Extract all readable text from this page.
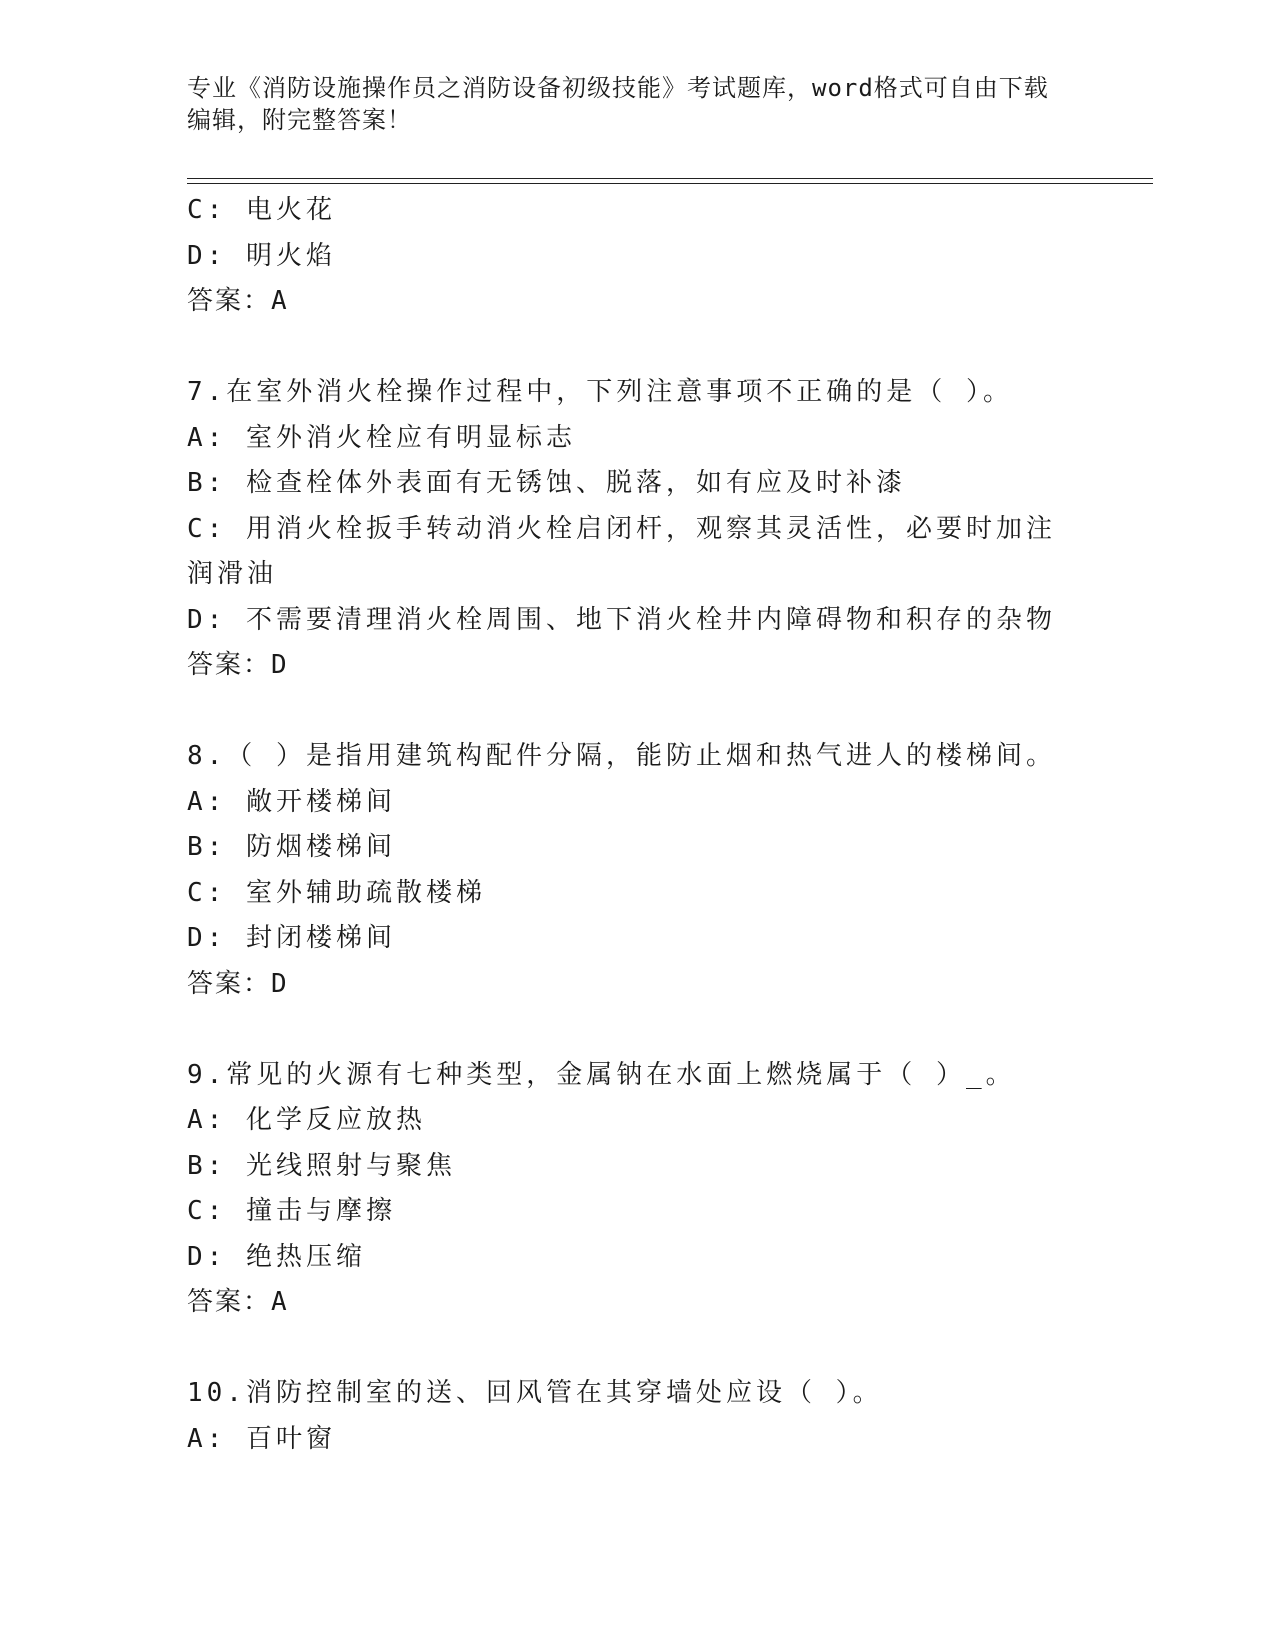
专业《消防设施操作员之消防设备初级技能》考试题库，word格式可自由下载编辑，附完整答案！
C: 电火花
D: 明火焰
答案：A
7.在室外消火栓操作过程中，下列注意事项不正确的是（ ）。
A: 室外消火栓应有明显标志
B: 检查栓体外表面有无锈蚀、脱落，如有应及时补漆
C: 用消火栓扳手转动消火栓启闭杆，观察其灵活性，必要时加注润滑油
D: 不需要清理消火栓周围、地下消火栓井内障碍物和积存的杂物
答案：D
8.（ ）是指用建筑构配件分隔，能防止烟和热气进人的楼梯间。
A: 敞开楼梯间
B: 防烟楼梯间
C: 室外辅助疏散楼梯
D: 封闭楼梯间
答案：D
9.常见的火源有七种类型，金属钠在水面上燃烧属于（ ）_。
A: 化学反应放热
B: 光线照射与聚焦
C: 撞击与摩擦
D: 绝热压缩
答案：A
10.消防控制室的送、回风管在其穿墙处应设（ ）。
A: 百叶窗
